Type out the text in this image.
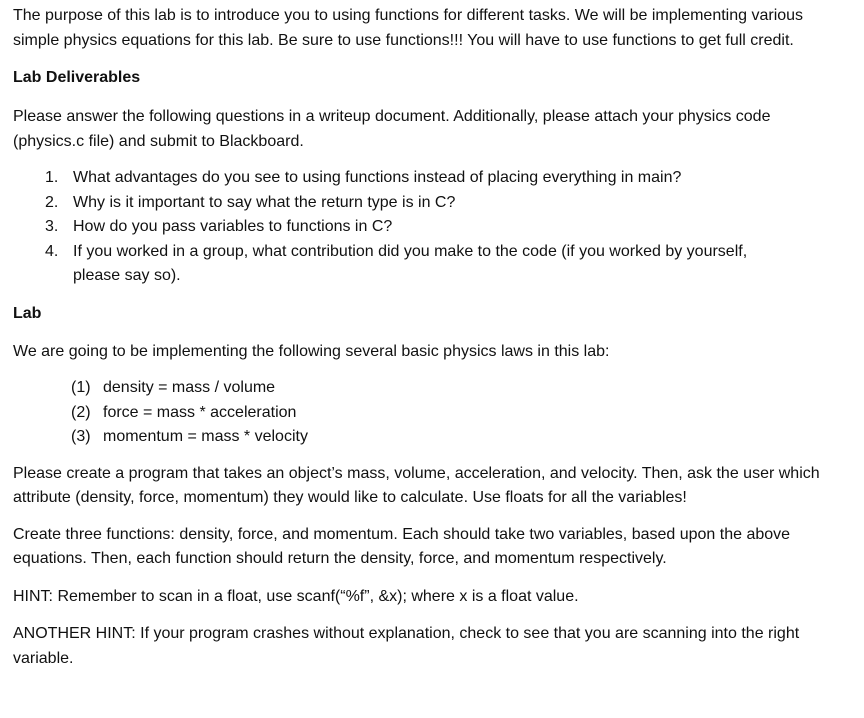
The purpose of this lab is to introduce you to using functions for different tasks. We will be implementing various simple physics equations for this lab. Be sure to use functions!!! You will have to use functions to get full credit.

Lab Deliverables

Please answer the following questions in a writeup document. Additionally, please attach your physics code (physics.c file) and submit to Blackboard.

1. What advantages do you see to using functions instead of placing everything in main?
2. Why is it important to say what the return type is in C?
3. How do you pass variables to functions in C?
4. If you worked in a group, what contribution did you make to the code (if you worked by yourself, please say so).

Lab

We are going to be implementing the following several basic physics laws in this lab:

(1) density = mass / volume
(2) force = mass * acceleration
(3) momentum = mass * velocity

Please create a program that takes an object’s mass, volume, acceleration, and velocity. Then, ask the user which attribute (density, force, momentum) they would like to calculate. Use floats for all the variables!

Create three functions: density, force, and momentum. Each should take two variables, based upon the above equations. Then, each function should return the density, force, and momentum respectively.

HINT: Remember to scan in a float, use scanf(“%f”, &x); where x is a float value.

ANOTHER HINT: If your program crashes without explanation, check to see that you are scanning into the right variable.
